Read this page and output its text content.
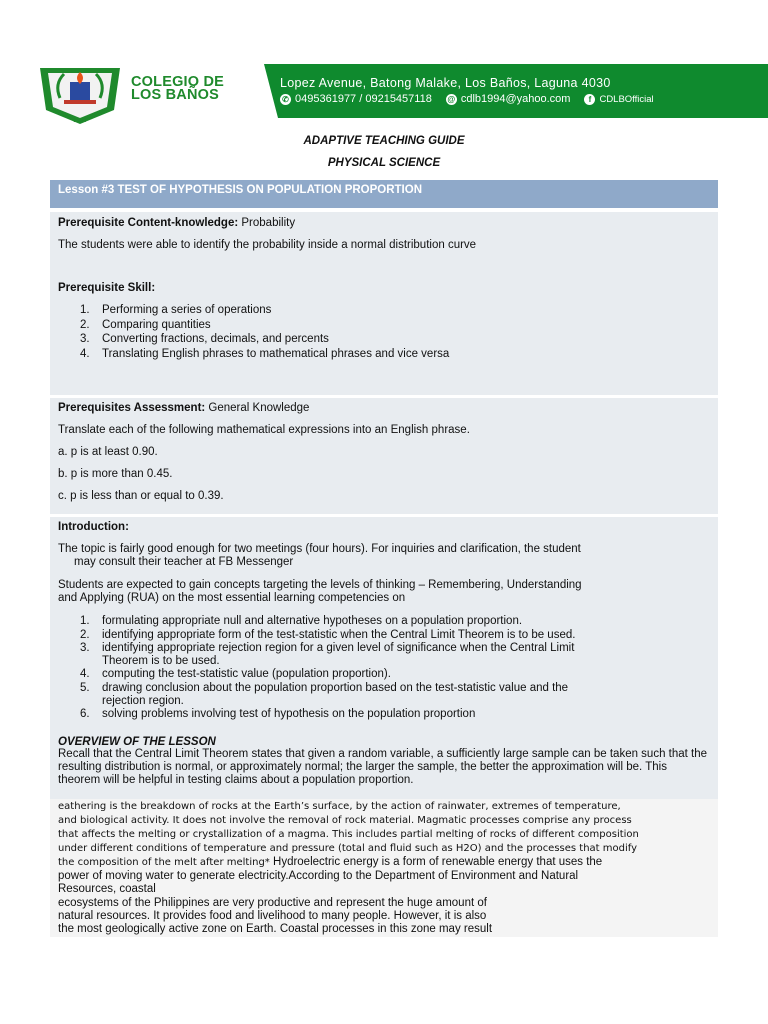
1994
COLEGIO DE
LOS BAÑOS
Lopez Avenue, Batong Malake, Los Baños, Laguna 4030
✆ 0495361977 / 09215457118 @ cdlb1994@yahoo.com	f CDLBOfficial
ADAPTIVE TEACHING GUIDE
PHYSICAL SCIENCE
Lesson #3 TEST OF HYPOTHESIS ON POPULATION PROPORTION
Prerequisite Content-knowledge: Probability
The students were able to identify the probability inside a normal distribution curve
Prerequisite Skill:
1. Performing a series of operations
2. Comparing quantities
3. Converting fractions, decimals, and percents
4. Translating English phrases to mathematical phrases and vice versa
Prerequisites Assessment: General Knowledge
Translate each of the following mathematical expressions into an English phrase.
a. p is at least 0.90.
b. p is more than 0.45.
c. p is less than or equal to 0.39.
Introduction:
The topic is fairly good enough for two meetings (four hours). For inquiries and clarification, the student
may consult their teacher at FB Messenger
Students are expected to gain concepts targeting the levels of thinking – Remembering, Understanding
and Applying (RUA) on the most essential learning competencies on
1. formulating appropriate null and alternative hypotheses on a population proportion.
2. identifying appropriate form of the test-statistic when the Central Limit Theorem is to be used.
3. identifying appropriate rejection region for a given level of significance when the Central Limit
Theorem is to be used.
4. computing the test-statistic value (population proportion).
5. drawing conclusion about the population proportion based on the test-statistic value and the
rejection region.
6. solving problems involving test of hypothesis on the population proportion
OVERVIEW OF THE LESSON
Recall that the Central Limit Theorem states that given a random variable, a sufficiently large sample can be taken such that the resulting distribution is normal, or approximately normal; the larger the sample, the better the approximation will be. This theorem will be helpful in testing claims about a population proportion.
eathering is the breakdown of rocks at the Earth’s surface, by the action of rainwater, extremes of temperature,
and biological activity. It does not involve the removal of rock material. Magmatic processes comprise any process
that affects the melting or crystallization of a magma. This includes partial melting of rocks of different composition
under different conditions of temperature and pressure (total and fluid such as H2O) and the processes that modify
the composition of the melt after melting* Hydroelectric energy is a form of renewable energy that uses the
power of moving water to generate electricity.According to the Department of Environment and Natural
Resources, coastal
ecosystems of the Philippines are very productive and represent the huge amount of
natural resources. It provides food and livelihood to many people. However, it is also
the most geologically active zone on Earth. Coastal processes in this zone may result
